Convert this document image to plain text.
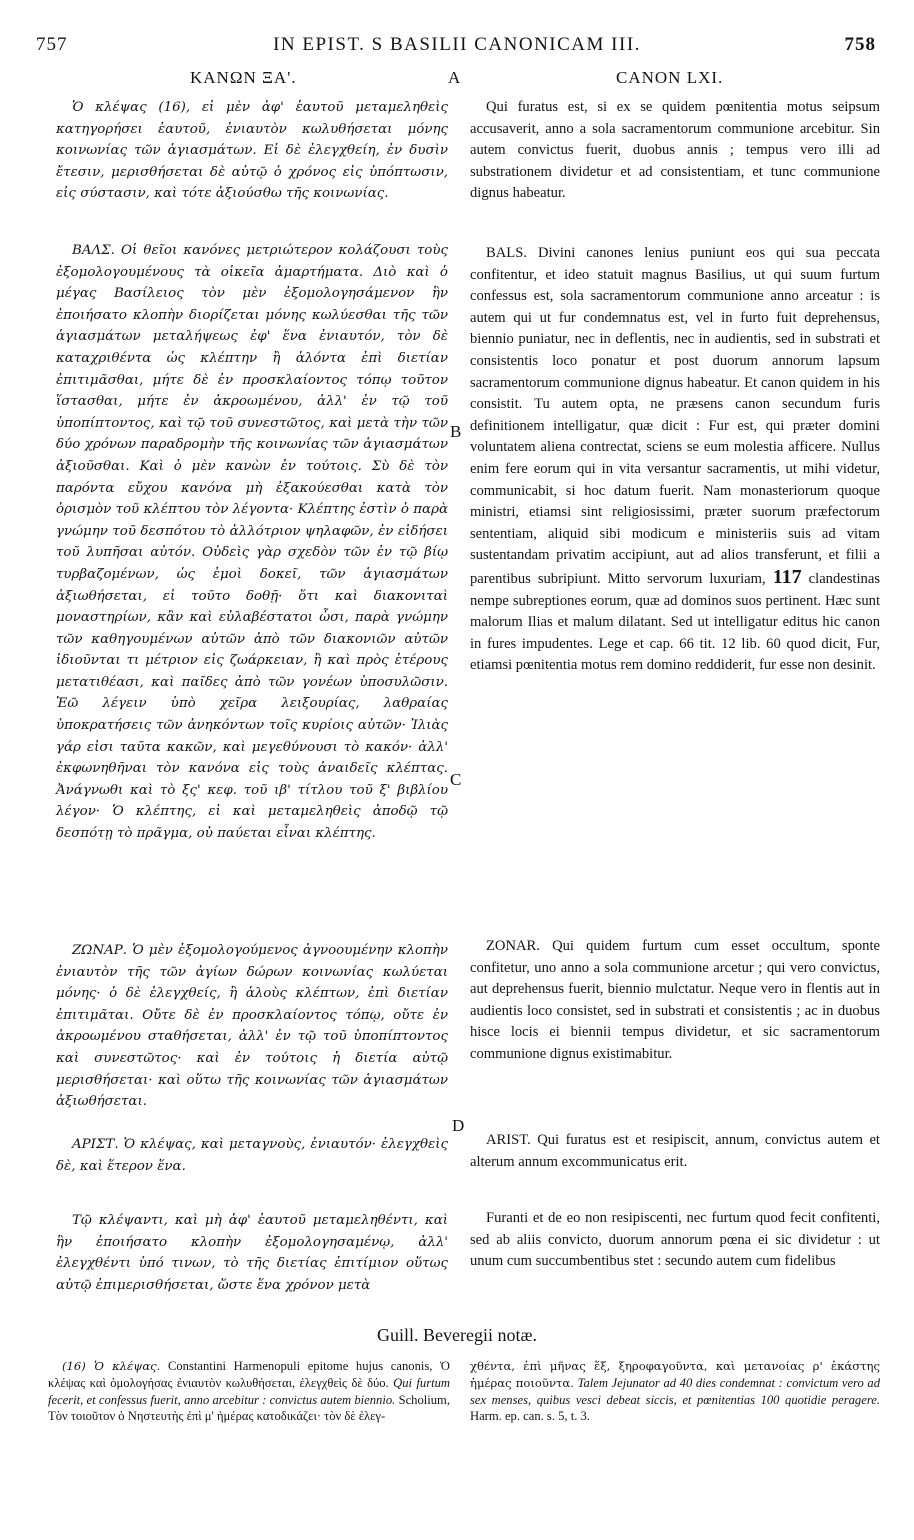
757	IN EPIST. S BASILII CANONICAM III.	758
ΚΑΝΩΝ ΞΑ'.	CANON LXI.
A
B
C
D

Ὁ κλέψας (16), εἰ μὲν ἀφ' ἑαυτοῦ μεταμεληθεὶς κατηγορήσει ἑαυτοῦ, ἐνιαυτὸν κωλυθήσεται μόνης κοινωνίας τῶν ἁγιασμάτων. Εἰ δὲ ἐλεγχθείη, ἐν δυσὶν ἔτεσιν, μερισθήσεται δὲ αὐτῷ ὁ χρόνος εἰς ὑπόπτωσιν, εἰς σύστασιν, καὶ τότε ἀξιούσθω τῆς κοινωνίας.

ΒΑΛΣ. Οἱ θεῖοι κανόνες μετριώτερον κολάζουσι τοὺς ἐξομολογουμένους τὰ οἰκεῖα ἁμαρτήματα. Διὸ καὶ ὁ μέγας Βασίλειος τὸν μὲν ἐξομολογησάμενον ἣν ἐποιήσατο κλοπὴν διορίζεται μόνης κωλύεσθαι τῆς τῶν ἁγιασμάτων μεταλήψεως ἐφ' ἕνα ἐνιαυτόν, τὸν δὲ καταχριθέντα ὡς κλέπτην ἢ ἁλόντα ἐπὶ διετίαν ἐπιτιμᾶσθαι, μήτε δὲ ἐν προσκλαίοντος τόπῳ τοῦτον ἵστασθαι, μήτε ἐν ἀκροωμένου, ἀλλ' ἐν τῷ τοῦ ὑποπίπτοντος, καὶ τῷ τοῦ συνεστῶτος, καὶ μετὰ τὴν τῶν δύο χρόνων παραδρομὴν τῆς κοινωνίας τῶν ἁγιασμάτων ἀξιοῦσθαι. Καὶ ὁ μὲν κανὼν ἐν τούτοις. Σὺ δὲ τὸν παρόντα εὔχου κανόνα μὴ ἐξακούεσθαι κατὰ τὸν ὁρισμὸν τοῦ κλέπτου τὸν λέγοντα· Κλέπτης ἐστὶν ὁ παρὰ γνώμην τοῦ δεσπότου τὸ ἀλλότριον ψηλαφῶν, ἐν εἰδήσει τοῦ λυπῆσαι αὐτόν. Οὐδεὶς γὰρ σχεδὸν τῶν ἐν τῷ βίῳ τυρβαζομένων, ὡς ἐμοὶ δοκεῖ, τῶν ἁγιασμάτων ἀξιωθήσεται, εἰ τοῦτο δοθῇ· ὅτι καὶ διακονιταὶ μοναστηρίων, κἂν καὶ εὐλαβέστατοι ὦσι, παρὰ γνώμην τῶν καθηγουμένων αὐτῶν ἀπὸ τῶν διακονιῶν αὐτῶν ἰδιοῦνται τι μέτριον εἰς ζωάρκειαν, ἢ καὶ πρὸς ἑτέρους μετατιθέασι, καὶ παῖδες ἀπὸ τῶν γονέων ὑποσυλῶσιν. Ἐῶ λέγειν ὑπὸ χεῖρα λειξουρίας, λαθραίας ὑποκρατήσεις τῶν ἀνηκόντων τοῖς κυρίοις αὐτῶν· Ἰλιὰς γάρ εἰσι ταῦτα κακῶν, καὶ μεγεθύνουσι τὸ κακόν· ἀλλ' ἐκφωνηθῆναι τὸν κανόνα εἰς τοὺς ἀναιδεῖς κλέπτας. Ἀνάγνωθι καὶ τὸ ξς' κεφ. τοῦ ιβ' τίτλου τοῦ ξ' βιβλίου λέγον· Ὁ κλέπτης, εἰ καὶ μεταμεληθεὶς ἀποδῷ τῷ δεσπότῃ τὸ πρᾶγμα, οὐ παύεται εἶναι κλέπτης.

ΖΩΝΑΡ. Ὁ μὲν ἐξομολογούμενος ἀγνοουμένην κλοπὴν ἐνιαυτὸν τῆς τῶν ἁγίων δώρων κοινωνίας κωλύεται μόνης· ὁ δὲ ἐλεγχθείς, ἢ ἁλοὺς κλέπτων, ἐπὶ διετίαν ἐπιτιμᾶται. Οὔτε δὲ ἐν προσκλαίοντος τόπῳ, οὔτε ἐν ἀκροωμένου σταθήσεται, ἀλλ' ἐν τῷ τοῦ ὑποπίπτοντος καὶ συνεστῶτος· καὶ ἐν τούτοις ἡ διετία αὐτῷ μερισθήσεται· καὶ οὕτω τῆς κοινωνίας τῶν ἁγιασμάτων ἀξιωθήσεται.

ΑΡΙΣΤ. Ὁ κλέψας, καὶ μεταγνοὺς, ἐνιαυτόν· ἐλεγχθεὶς δὲ, καὶ ἕτερον ἕνα.

Τῷ κλέψαντι, καὶ μὴ ἀφ' ἑαυτοῦ μεταμεληθέντι, καὶ ἣν ἐποιήσατο κλοπὴν ἐξομολογησαμένῳ, ἀλλ' ἐλεγχθέντι ὑπό τινων, τὸ τῆς διετίας ἐπιτίμιον οὕτως αὐτῷ ἐπιμερισθήσεται, ὥστε ἕνα χρόνον μετὰ

Qui furatus est, si ex se quidem pœnitentia motus seipsum accusaverit, anno a sola sacramentorum communione arcebitur. Sin autem convictus fuerit, duobus annis ; tempus vero illi ad substrationem dividetur et ad consistentiam, et tunc communione dignus habeatur.

BALS. Divini canones lenius puniunt eos qui sua peccata confitentur, et ideo statuit magnus Basilius, ut qui suum furtum confessus est, sola sacramentorum communione anno arceatur : is autem qui ut fur condemnatus est, vel in furto fuit deprehensus, biennio puniatur, nec in deflentis, nec in audientis, sed in substrati et consistentis loco ponatur et post duorum annorum lapsum sacramentorum communione dignus habeatur. Et canon quidem in his consistit. Tu autem opta, ne præsens canon secundum furis definitionem intelligatur, quæ dicit : Fur est, qui præter domini voluntatem aliena contrectat, sciens se eum molestia afficere. Nullus enim fere eorum qui in vita versantur sacramentis, ut mihi videtur, communicabit, si hoc datum fuerit. Nam monasteriorum quoque ministri, etiamsi sint religiosissimi, præter suorum præfectorum sententiam, aliquid sibi modicum e ministeriis suis ad vitam sustentandam privatim accipiunt, aut ad alios transferunt, et filii a parentibus subripiunt. Mitto servorum luxuriam, 117 clandestinas nempe subreptiones eorum, quæ ad dominos suos pertinent. Hæc sunt malorum Ilias et malum dilatant. Sed ut intelligatur editus hic canon in fures impudentes. Lege et cap. 66 tit. 12 lib. 60 quod dicit, Fur, etiamsi pœnitentia motus rem domino reddiderit, fur esse non desinit.

ZONAR. Qui quidem furtum cum esset occultum, sponte confitetur, uno anno a sola communione arcetur ; qui vero convictus, aut deprehensus fuerit, biennio mulctatur. Neque vero in flentis aut in audientis loco consistet, sed in substrati et consistentis ; ac in duobus hisce locis ei biennii tempus dividetur, et sic sacramentorum communione dignus existimabitur.

ARIST. Qui furatus est et resipiscit, annum, convictus autem et alterum annum excommunicatus erit.

Furanti et de eo non resipiscenti, nec furtum quod fecit confitenti, sed ab aliis convicto, duorum annorum pœna ei sic dividetur : ut unum cum succumbentibus stet : secundo autem cum fidelibus

Guill. Beveregii notæ.

(16) Ὁ κλέψας. Constantini Harmenopuli epitome hujus canonis, Ὁ κλέψας καὶ ὁμολογήσας ἐνιαυτὸν κωλυθήσεται, ἐλεγχθεὶς δὲ δύο. Qui furtum fecerit, et confessus fuerit, anno arcebitur : convictus autem biennio. Scholium, Τὸν τοιοῦτον ὁ Νηστευτὴς ἐπὶ μ' ἡμέρας κατοδικάζει· τὸν δὲ ἐλεγ-

χθέντα, ἐπὶ μῆνας ἕξ, ξηροφαγοῦντα, καὶ μετανοίας ρ' ἑκάστης ἡμέρας ποιοῦντα. Talem Jejunator ad 40 dies condemnat : convictum vero ad sex menses, quibus vesci debeat siccis, et pœnitentias 100 quotidie peragere. Harm. ep. can. s. 5, t. 3.
